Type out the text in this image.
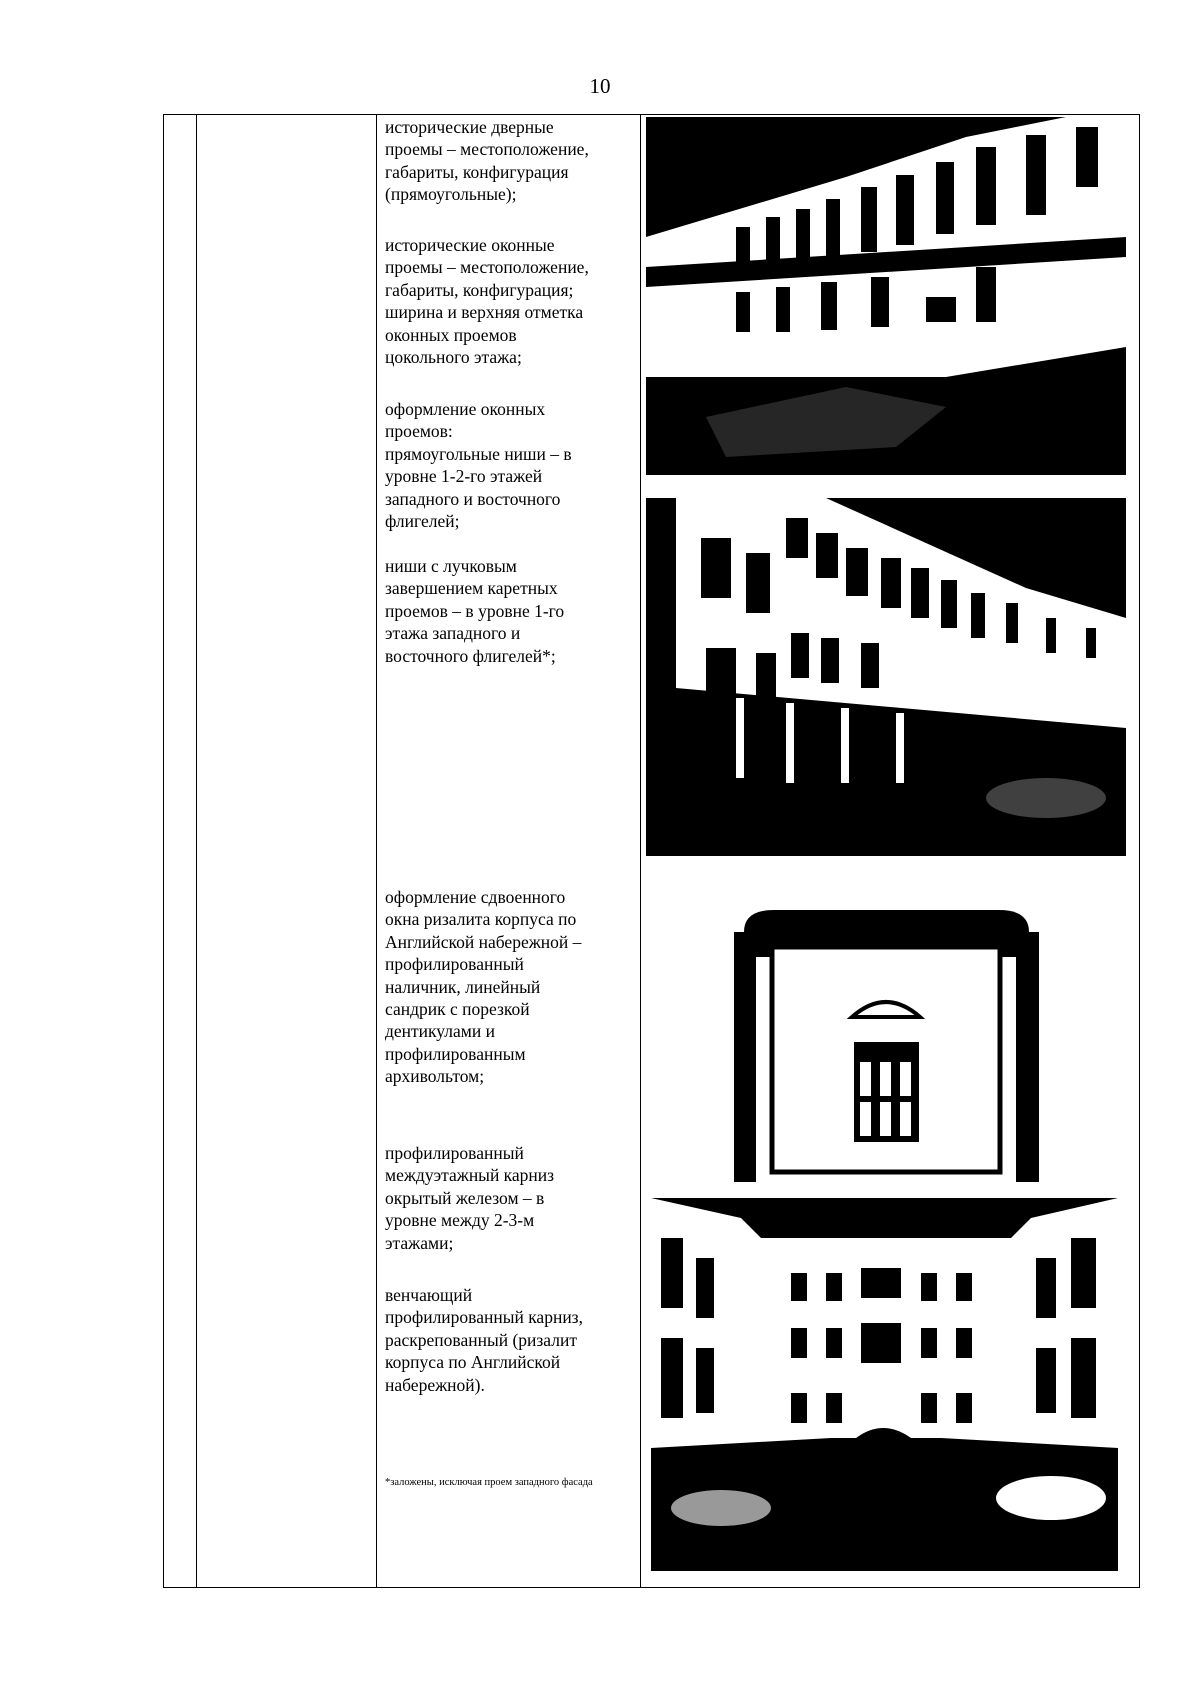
10
исторические дверные
проемы – местоположение,
габариты, конфигурация
(прямоугольные);
исторические оконные
проемы – местоположение,
габариты, конфигурация;
ширина и верхняя отметка
оконных проемов
цокольного этажа;
оформление оконных
проемов:
прямоугольные ниши – в
уровне 1-2-го этажей
западного и восточного
флигелей;
ниши с лучковым
завершением каретных
проемов – в уровне 1-го
этажа западного и
восточного флигелей*;
оформление сдвоенного
окна ризалита корпуса по
Английской набережной –
профилированный
наличник, линейный
сандрик с порезкой
дентикулами и
профилированным
архивольтом;
профилированный
междуэтажный карниз
окрытый железом – в
уровне между 2-3-м
этажами;
венчающий
профилированный карниз,
раскрепованный (ризалит
корпуса по Английской
набережной).
*заложены, исключая проем западного фасада
